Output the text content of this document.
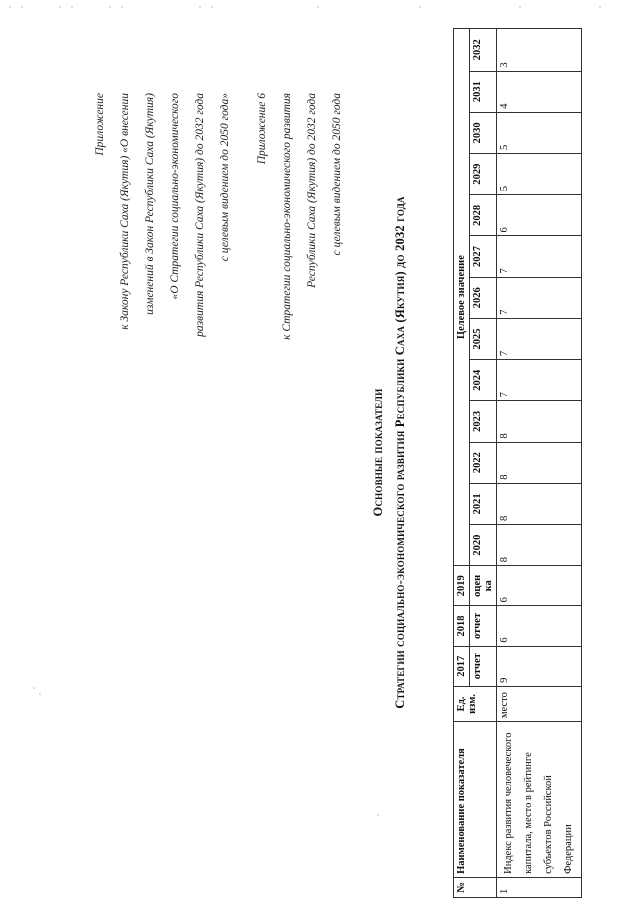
Приложение	к Закону Республики Саха (Якутия) «О внесении	изменений в Закон Республики Саха (Якутия)	«О Стратегии социально-экономического	развития Республики Саха (Якутия) до 2032 года	с целевым видением до 2050 года»	Приложение 6	к Стратегии социально-экономического развития	Республики Саха (Якутия) до 2032 года	с целевым видением до 2050 года
Основные показатели Стратегии социально-экономического развития Республики Саха (Якутия) до 2032 года
№	Наименование показателя	Ед. изм.	2017	2018	2019	Целевое значение												
			отчет	отчет	оцен ка	2020	2021	2022	2023	2024	2025	2026	2027	2028	2029	2030	2031	2032
1	Индекс развития человеческого капитала, место в рейтинге субъектов Российской Федерации	место	9	6	6	8	8	8	8	7	7	7	7	6	5	5	4	3
